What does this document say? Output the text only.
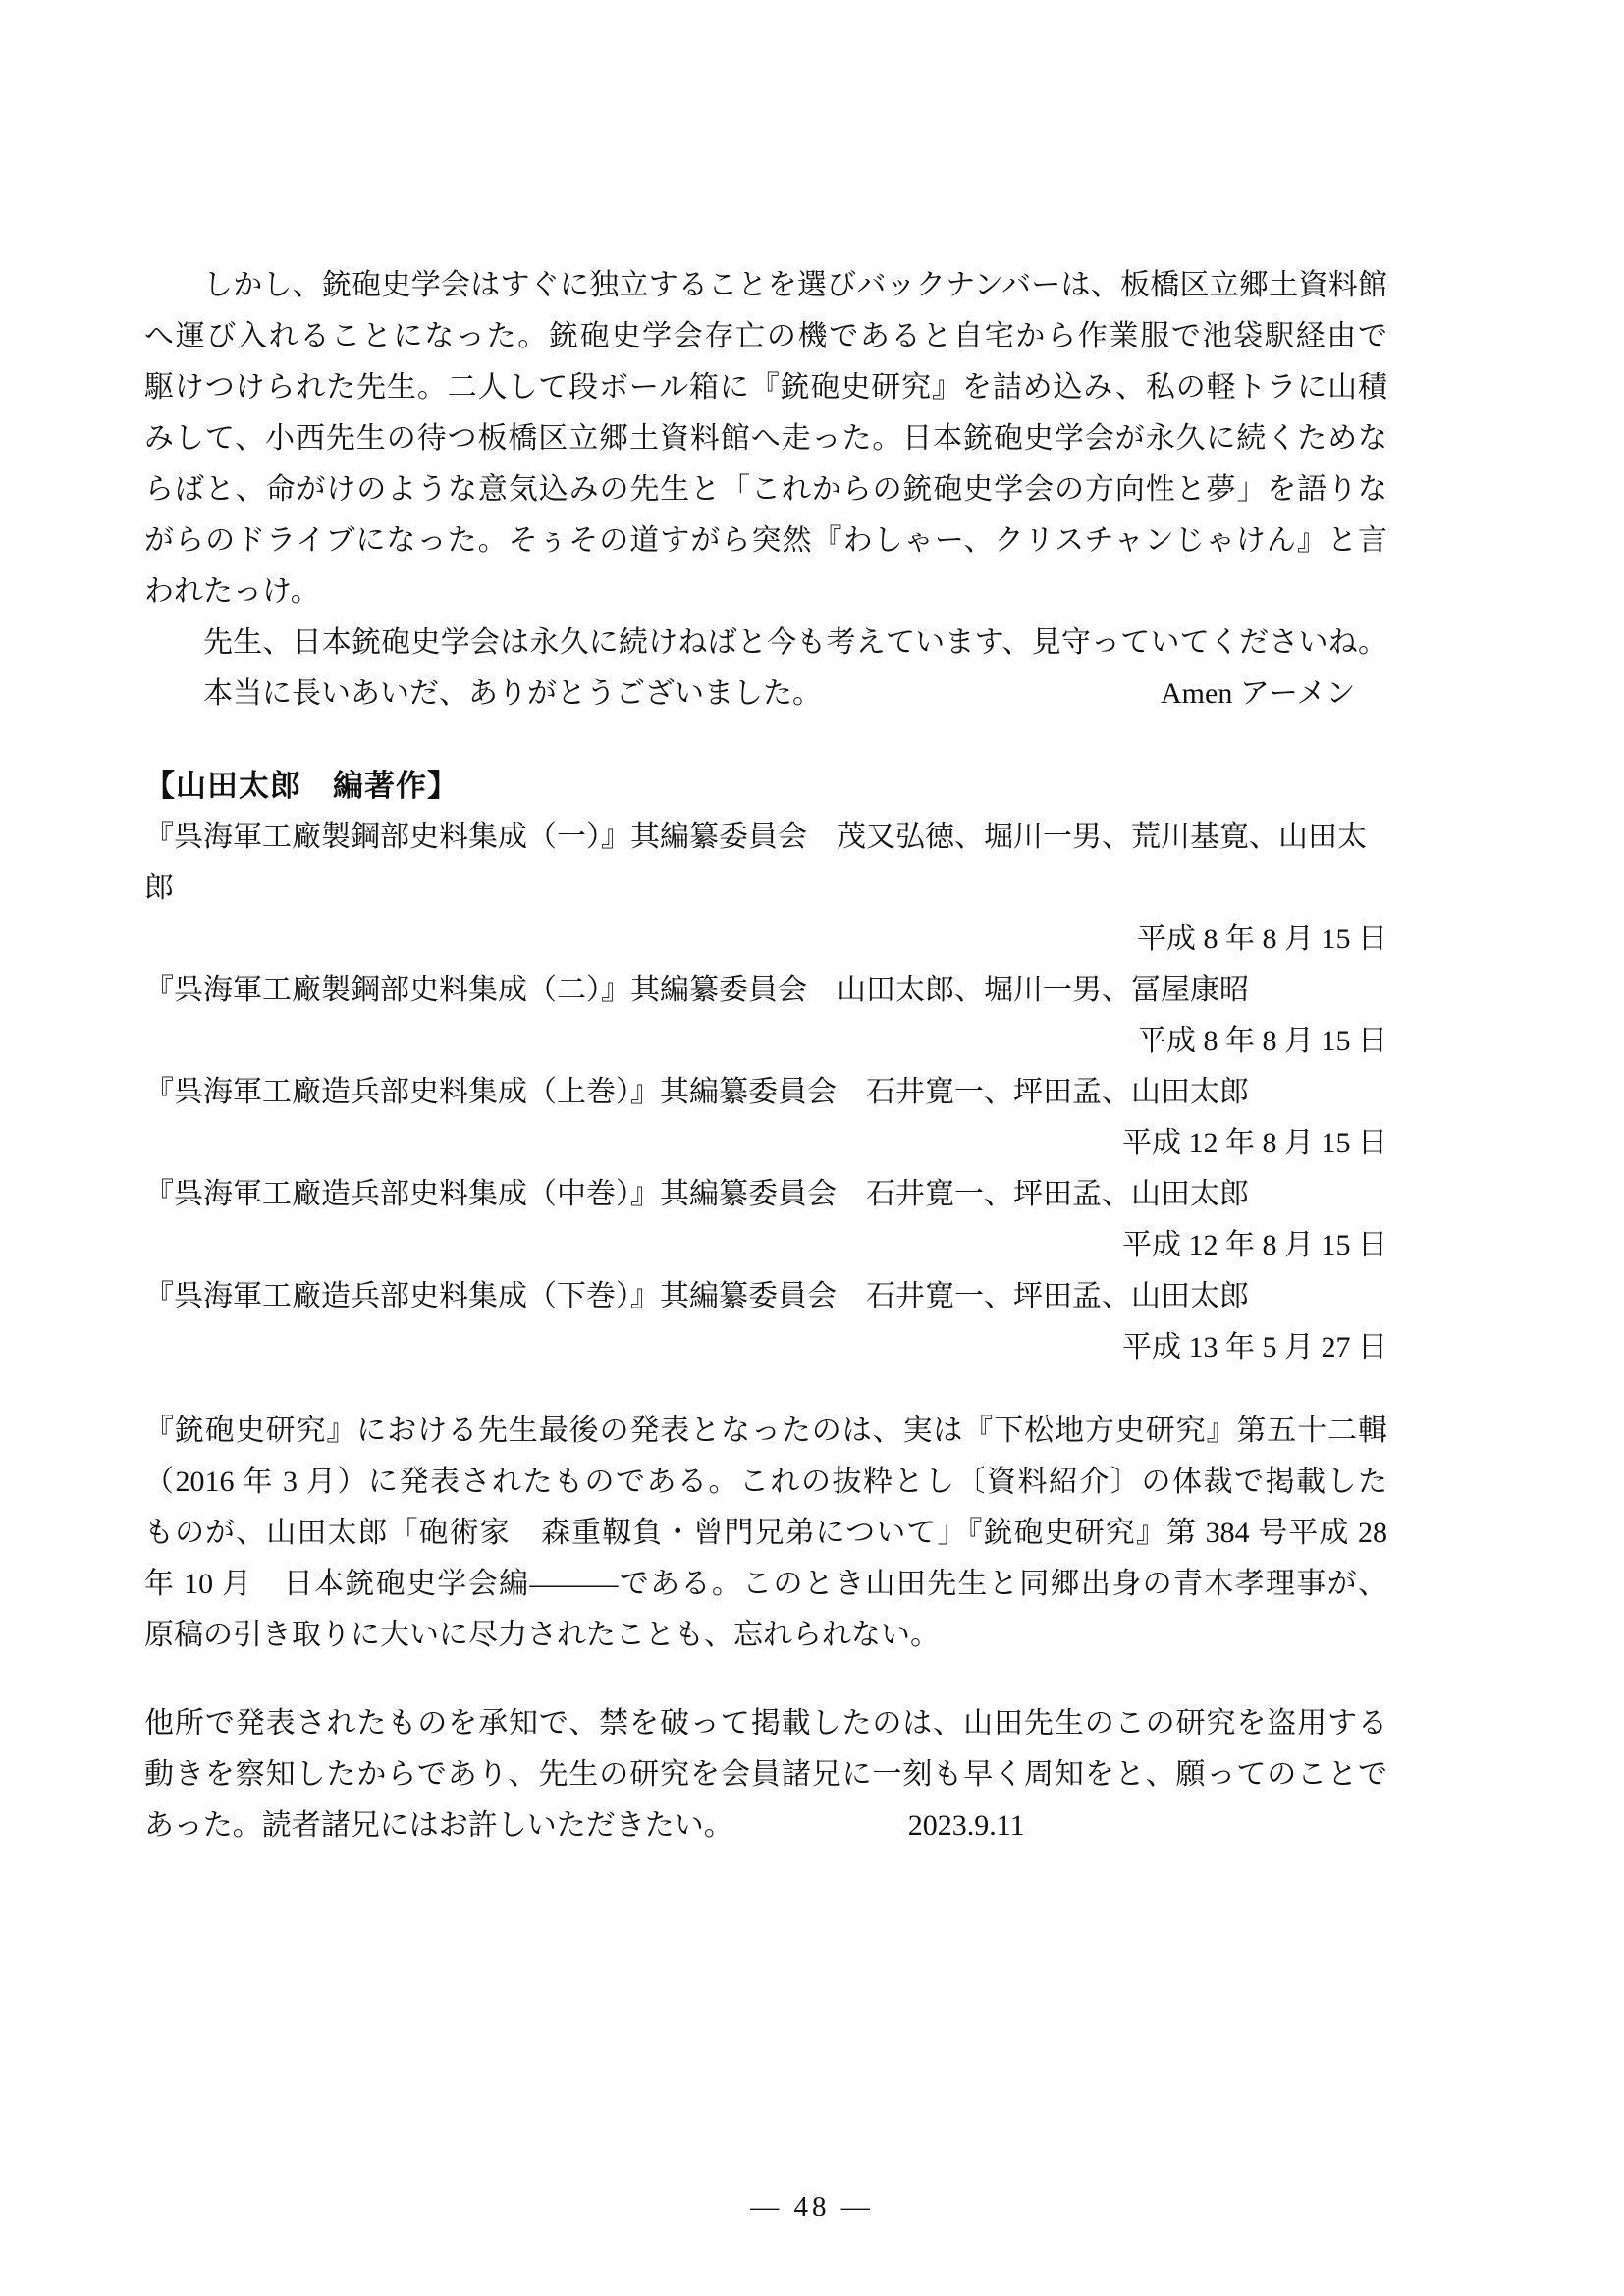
しかし、銃砲史学会はすぐに独立することを選びバックナンバーは、板橋区立郷土資料館
へ運び入れることになった。銃砲史学会存亡の機であると自宅から作業服で池袋駅経由で
駆けつけられた先生。二人して段ボール箱に『銃砲史研究』を詰め込み、私の軽トラに山積
みして、小西先生の待つ板橋区立郷土資料館へ走った。日本銃砲史学会が永久に続くためな
らばと、命がけのような意気込みの先生と「これからの銃砲史学会の方向性と夢」を語りな
がらのドライブになった。そぅその道すがら突然『わしゃー、クリスチャンじゃけん』と言
われたっけ。
先生、日本銃砲史学会は永久に続けねばと今も考えています、見守っていてくださいね。
本当に長いあいだ、ありがとうございました。	Amen アーメン
【山田太郎　編著作】
『呉海軍工廠製鋼部史料集成（一）』其編纂委員会　茂又弘徳、堀川一男、荒川基寛、山田太郎
平成 8 年 8 月 15 日
『呉海軍工廠製鋼部史料集成（二）』其編纂委員会　山田太郎、堀川一男、冨屋康昭
平成 8 年 8 月 15 日
『呉海軍工廠造兵部史料集成（上巻）』其編纂委員会　石井寛一、坪田孟、山田太郎
平成 12 年 8 月 15 日
『呉海軍工廠造兵部史料集成（中巻）』其編纂委員会　石井寛一、坪田孟、山田太郎
平成 12 年 8 月 15 日
『呉海軍工廠造兵部史料集成（下巻）』其編纂委員会　石井寛一、坪田孟、山田太郎
平成 13 年 5 月 27 日
『銃砲史研究』における先生最後の発表となったのは、実は『下松地方史研究』第五十二輯
（2016 年 3 月）に発表されたものである。これの抜粋とし〔資料紹介〕の体裁で掲載した
ものが、山田太郎「砲術家　森重靱負・曾門兄弟について」『銃砲史研究』第 384 号平成 28
年 10 月　日本銃砲史学会編―――である。このとき山田先生と同郷出身の青木孝理事が、
原稿の引き取りに大いに尽力されたことも、忘れられない。
他所で発表されたものを承知で、禁を破って掲載したのは、山田先生のこの研究を盗用する
動きを察知したからであり、先生の研究を会員諸兄に一刻も早く周知をと、願ってのことで
あった。読者諸兄にはお許しいただきたい。	2023.9.11
― 48 ―
